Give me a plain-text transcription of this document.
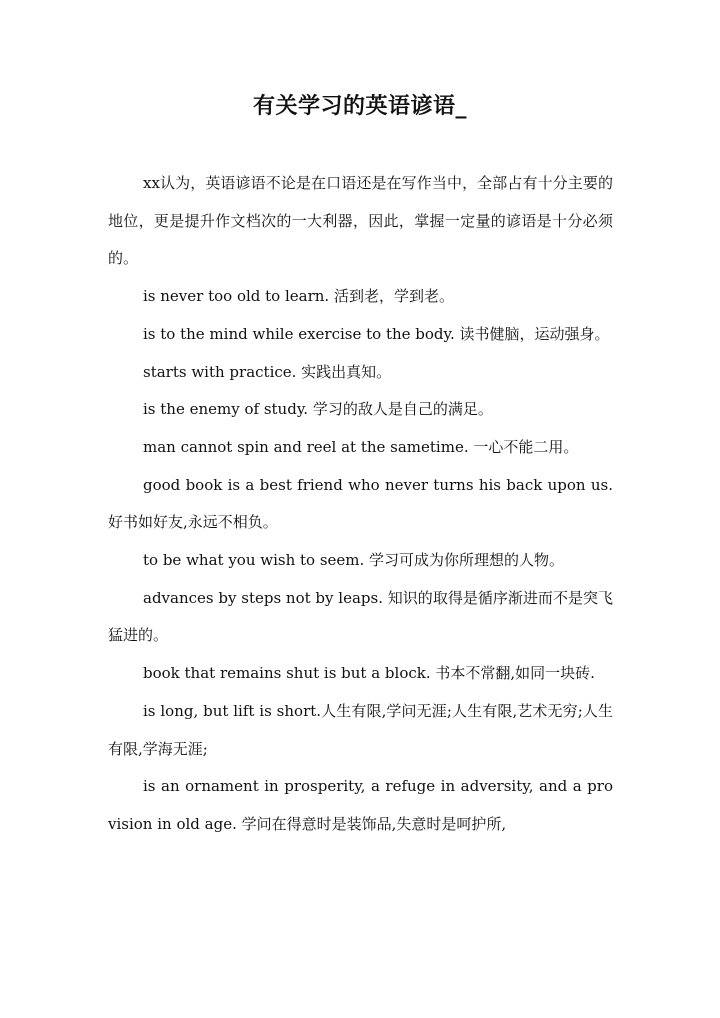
有关学习的英语谚语_

xx认为，英语谚语不论是在口语还是在写作当中，全部占有十分主要的地位，更是提升作文档次的一大利器，因此，掌握一定量的谚语是十分必须的。

is never too old to learn. 活到老，学到老。

is to the mind while exercise to the body. 读书健脑，运动强身。

starts with practice. 实践出真知。

is the enemy of study. 学习的敌人是自己的满足。

man cannot spin and reel at the sametime. 一心不能二用。

good book is a best friend who never turns his back upon us. 好书如好友,永远不相负。

to be what you wish to seem. 学习可成为你所理想的人物。

advances by steps not by leaps. 知识的取得是循序渐进而不是突飞猛进的。

book that remains shut is but a block. 书本不常翻,如同一块砖.

is long, but lift is short.人生有限,学问无涯;人生有限,艺术无穷;人生有限,学海无涯;

is an ornament in prosperity, a refuge in adversity, and a provision in old age. 学问在得意时是装饰品,失意时是呵护所,
